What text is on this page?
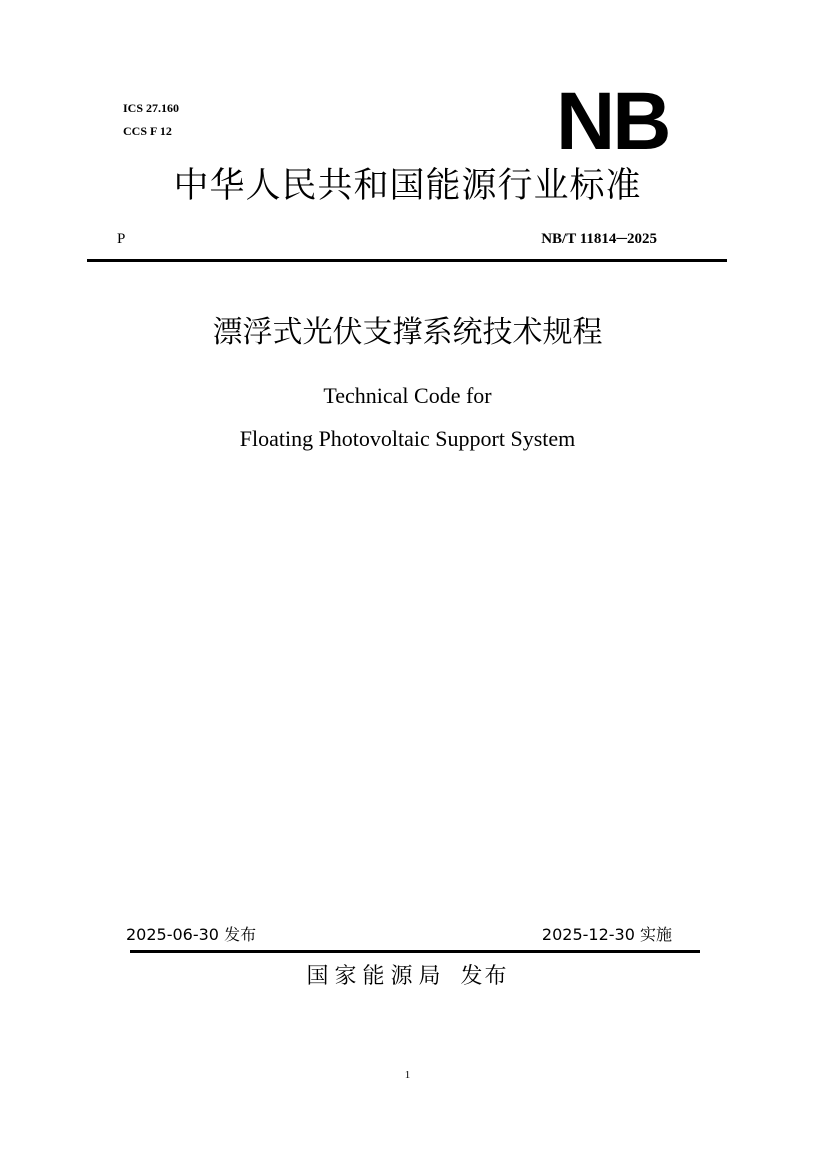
ICS 27.160
CCS F 12	NB
中华人民共和国能源行业标准
P	NB/T 11814─2025
漂浮式光伏支撑系统技术规程
Technical Code for
Floating Photovoltaic Support System
2025-06-30 发布	2025-12-30 实施
国家能源局 发布
1
